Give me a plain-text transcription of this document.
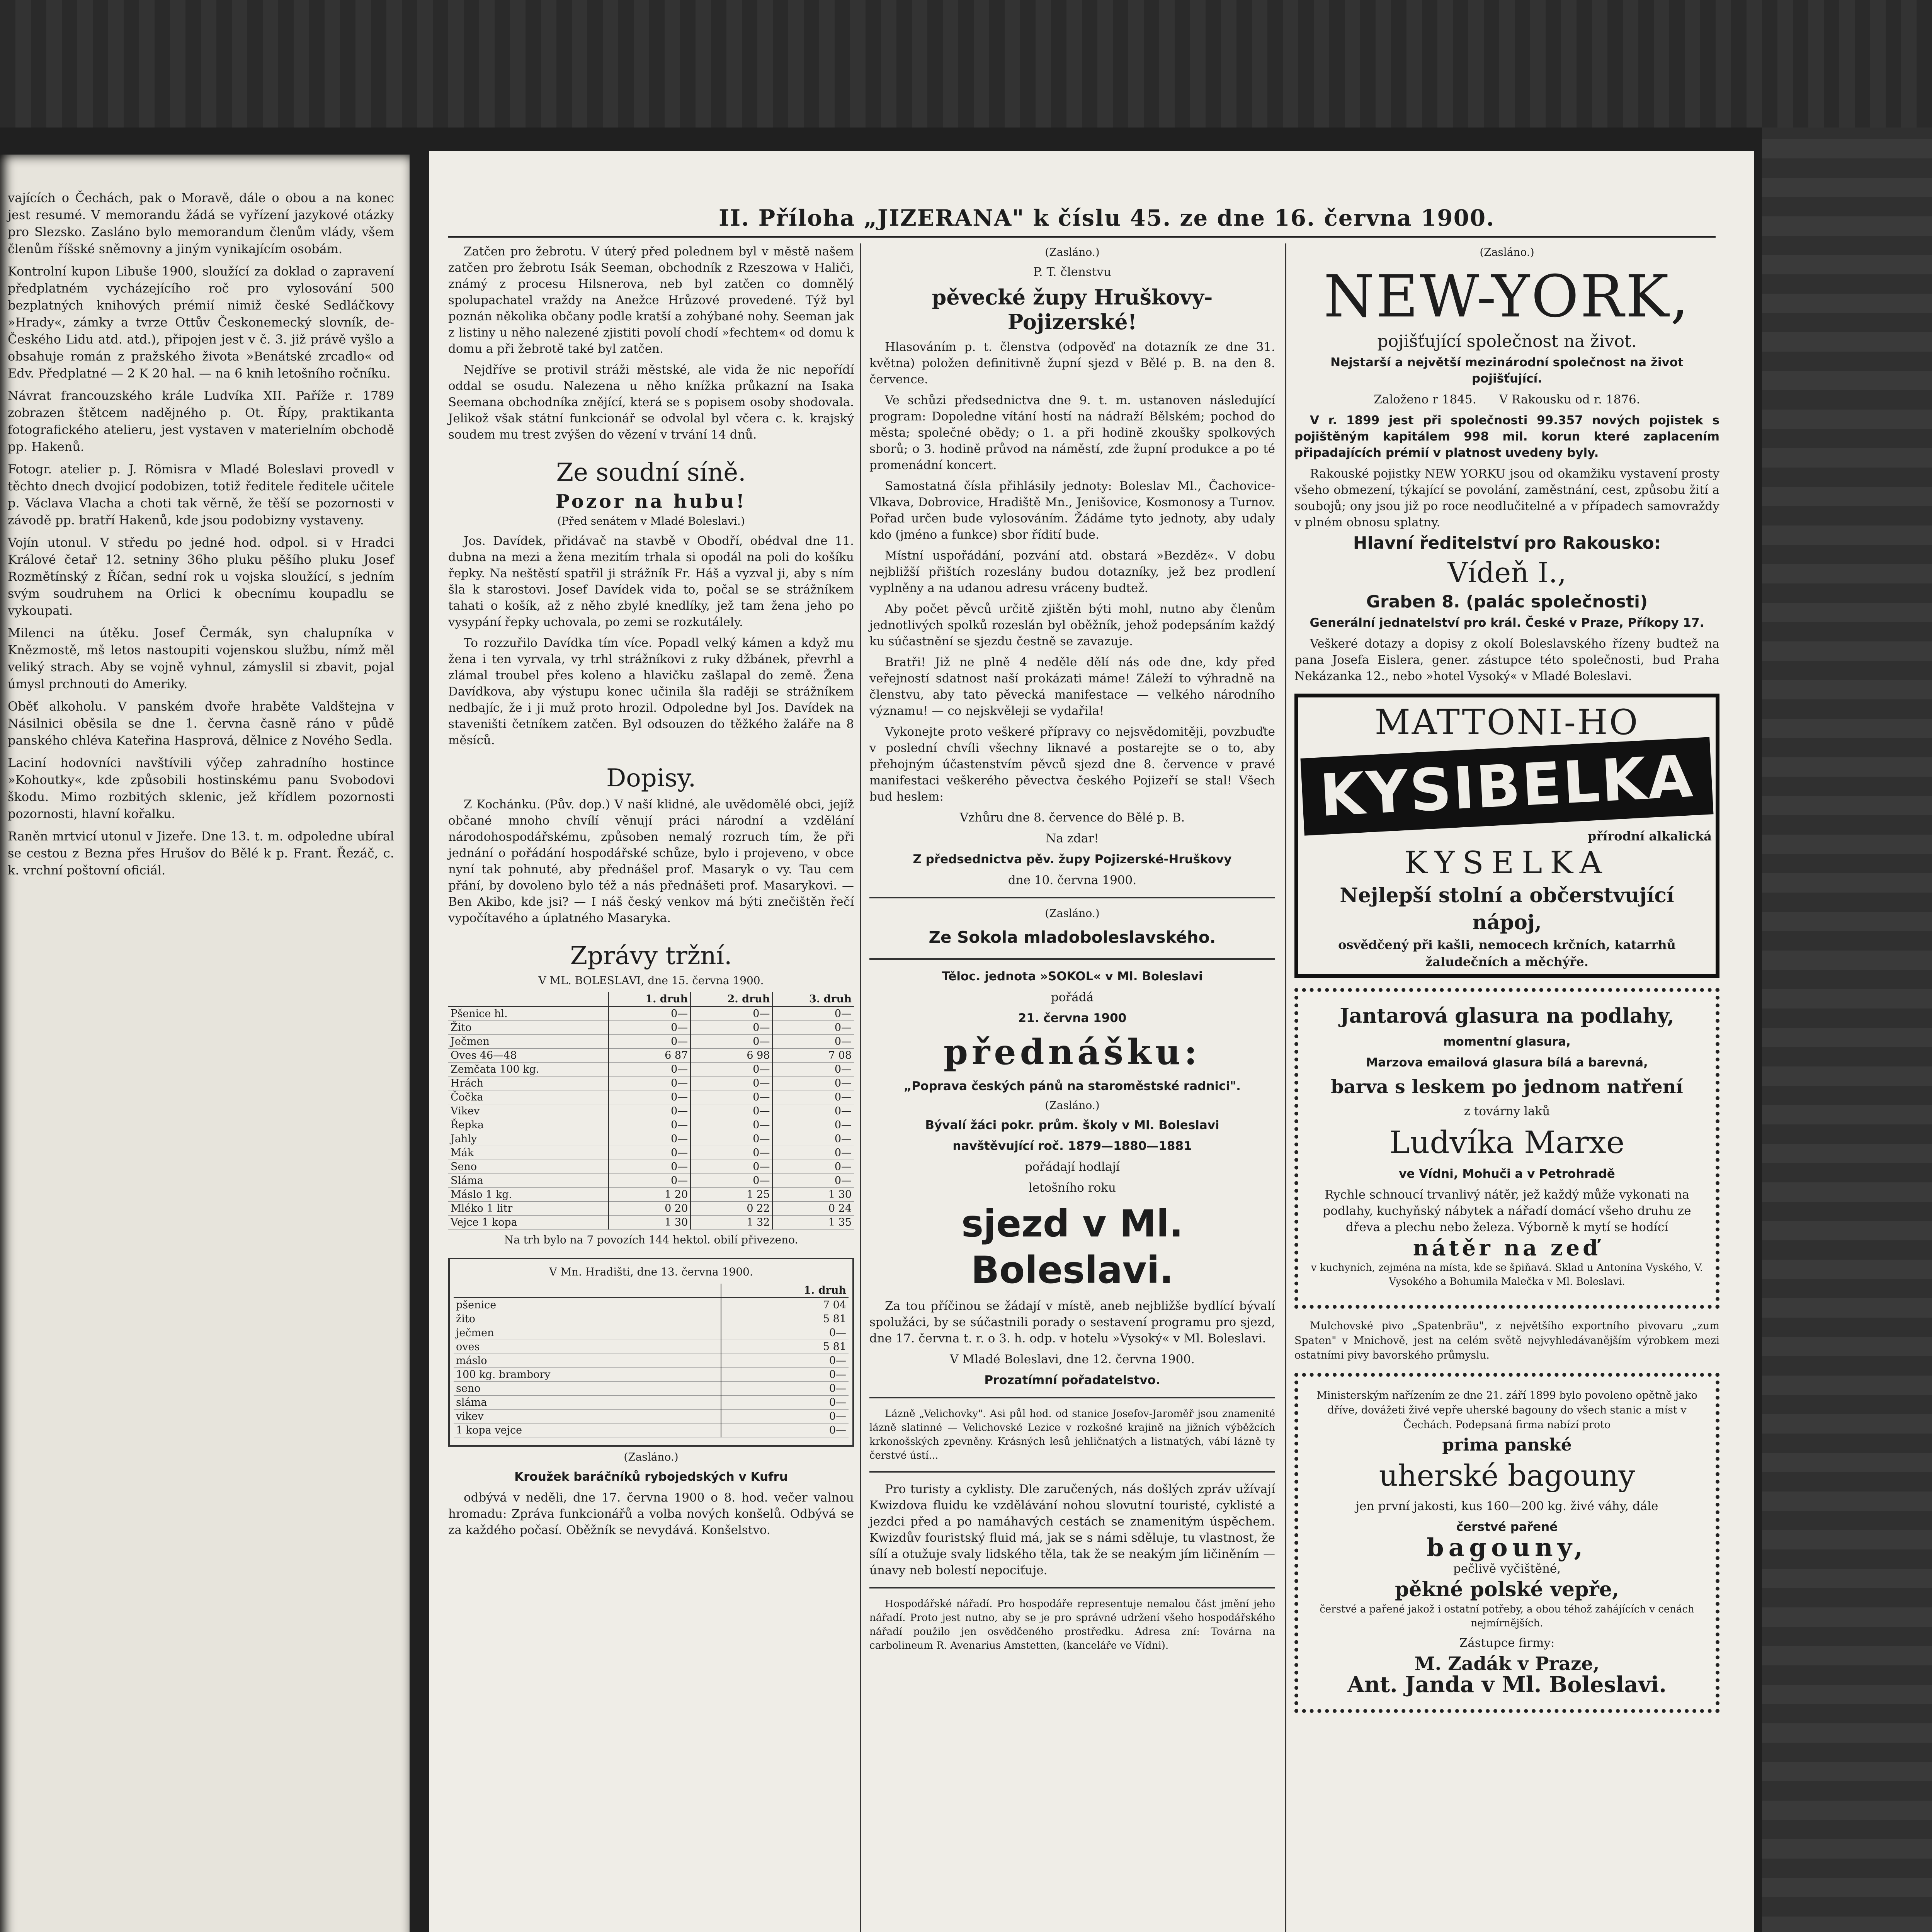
vajících o Čechách, pak o Moravě, dále o obou a na konec jest resumé. V memorandu žádá se vyřízení jazykové otázky pro Slezsko. Zasláno bylo memorandum členům vlády, všem členům říšské sněmovny a jiným vynikajícím osobám.

Kontrolní kupon Libuše 1900, sloužící za doklad o zapravení předplatném vycházejícího roč pro vylosování 500 bezplatných knihových prémií nimiž české Sedláčkovy »Hrady«, zámky a tvrze Ottův Českonemecký slovník, de-Českého Lidu atd. atd.), připojen jest v č. 3. již právě vyšlo a obsahuje román z pražského života »Benátské zrcadlo« od Edv. Předplatné — 2 K 20 hal. — na 6 knih letošního ročníku.

Návrat francouzského krále Ludvíka XII. Paříže r. 1789 zobrazen štětcem nadějného p. Ot. Řípy, praktikanta fotografického atelieru, jest vystaven v materielním obchodě pp. Hakenů.

Fotogr. atelier p. J. Römisra v Mladé Boleslavi provedl v těchto dnech dvojicí podobizen, totiž ředitele ředitele učitele p. Václava Vlacha a choti tak věrně, že těší se pozornosti v závodě pp. bratří Hakenů, kde jsou podobizny vystaveny.

Vojín utonul. V středu po jedné hod. odpol. si v Hradci Králové četař 12. setniny 36ho pluku pěšího pluku Josef Rozmětínský z Říčan, sední rok u vojska sloužící, s jedním svým soudruhem na Orlici k obecnímu koupadlu se vykoupati.

Milenci na útěku. Josef Čermák, syn chalupníka v Knězmostě, mš letos nastoupiti vojenskou službu, nímž měl veliký strach. Aby se vojně vyhnul, zámyslil si zbavit, pojal úmysl prchnouti do Ameriky.

Oběť alkoholu. V panském dvoře hraběte Valdštejna v Násilnici oběsila se dne 1. června časně ráno v půdě panského chléva Kateřina Hasprová, dělnice z Nového Sedla.

Laciní hodovníci navštívili výčep zahradního hostince »Kohoutky«, kde způsobili hostinskému panu Svobodovi škodu. Mimo rozbitých sklenic, jež křídlem pozornosti pozornosti, hlavní kořalku.

Raněn mrtvicí utonul v Jizeře. Dne 13. t. m. odpoledne ubíral se cestou z Bezna přes Hrušov do Bělé k p. Frant. Řezáč, c. k. vrchní poštovní oficiál.

II. Příloha „JIZERANA" k číslu 45. ze dne 16. června 1900.

Zatčen pro žebrotu. V úterý před polednem byl v městě našem zatčen pro žebrotu Isák Seeman, obchodník z Rzeszowa v Haliči, známý z procesu Hilsnerova, neb byl zatčen co domnělý spolupachatel vraždy na Anežce Hrůzové provedené. Týž byl poznán několika občany podle kratší a zohýbané nohy. Seeman jak z listiny u něho nalezené zjistiti povolí chodí »fechtem« od domu k domu a při žebrotě také byl zatčen.

Nejdříve se protivil stráži městské, ale vida že nic nepořídí oddal se osudu. Nalezena u něho knížka průkazní na Isaka Seemana obchodníka znějící, která se s popisem osoby shodovala. Jelikož však státní funkcionář se odvolal byl včera c. k. krajský soudem mu trest zvýšen do vězení v trvání 14 dnů.

Ze soudní síně.
Pozor na hubu!
(Před senátem v Mladé Boleslavi.)

Jos. Davídek, přidávač na stavbě v Obodří, obédval dne 11. dubna na mezi a žena mezitím trhala si opodál na poli do košíku řepky. Na neštěstí spatřil ji strážník Fr. Háš a vyzval ji, aby s ním šla k starostovi. Josef Davídek vida to, počal se se strážníkem tahati o košík, až z něho zbylé knedlíky, jež tam žena jeho po vysypání řepky uchovala, po zemi se rozkutálely.

To rozzuřilo Davídka tím více. Popadl velký kámen a když mu žena i ten vyrvala, vy trhl strážníkovi z ruky džbánek, převrhl a zlámal troubel přes koleno a hlavičku zašlapal do země. Žena Davídkova, aby výstupu konec učinila šla raději se strážníkem nedbajíc, že i ji muž proto hrozil. Odpoledne byl Jos. Davídek na staveništi četníkem zatčen. Byl odsouzen do těžkého žaláře na 8 měsíců.

Dopisy.

Z Kochánku. (Pův. dop.) V naší klidné, ale uvědomělé obci, jejíž občané mnoho chvílí věnují práci národní a vzdělání národohospodářskému, způsoben nemalý rozruch tím, že při jednání o pořádání hospodářské schůze, bylo i projeveno, v obce nyní tak pohnuté, aby přednášel prof. Masaryk o vy. Tau cem přání, by dovoleno bylo též a nás přednášeti prof. Masarykovi. — Ben Akibo, kde jsi? — I náš český venkov má býti znečištěn řečí vypočítavého a úplatného Masaryka.

Zprávy tržní.
V ML. BOLESLAVI, dne 15. června 1900.
	1. druh	2. druh	3. druh
Pšenice hl.	0—	0—	0—
Žito	0—	0—	0—
Ječmen	0—	0—	0—
Oves 46—48	6 87	6 98	7 08
Zemčata 100 kg.	0—	0—	0—
Hrách	0—	0—	0—
Čočka	0—	0—	0—
Vikev	0—	0—	0—
Řepka	0—	0—	0—
Jahly	0—	0—	0—
Mák	0—	0—	0—
Seno	0—	0—	0—
Sláma	0—	0—	0—
Máslo 1 kg.	1 20	1 25	1 30
Mléko 1 litr	0 20	0 22	0 24
Vejce 1 kopa	1 30	1 32	1 35
Na trh bylo na 7 povozích 144 hektol. obilí přivezeno.
V Mn. Hradišti, dne 13. června 1900.
	1. druh
pšenice	7 04
žito	5 81
ječmen	0—
oves	5 81
máslo	0—
100 kg. brambory	0—
seno	0—
sláma	0—
vikev	0—
1 kopa vejce	0—
(Zasláno.)

Kroužek baráčníků rybojedských v Kufru

odbývá v neděli, dne 17. června 1900 o 8. hod. večer valnou hromadu: Zpráva funkcionářů a volba nových konšelů. Odbývá se za každého počasí. Oběžník se nevydává. Konšelstvo.

(Zasláno.)

P. T. členstvu

pěvecké župy Hruškovy-Pojizerské!

Hlasováním p. t. členstva (odpověď na dotazník ze dne 31. května) položen definitivně župní sjezd v Bělé p. B. na den 8. července.

Ve schůzi předsednictva dne 9. t. m. ustanoven následující program: Dopoledne vítání hostí na nádraží Bělském; pochod do města; společné obědy; o 1. a při hodině zkoušky spolkových sborů; o 3. hodině průvod na náměstí, zde župní produkce a po té promenádní koncert.

Samostatná čísla přihlásily jednoty: Boleslav Ml., Čachovice-Vlkava, Dobrovice, Hradiště Mn., Jenišovice, Kosmonosy a Turnov. Pořad určen bude vylosováním. Žádáme tyto jednoty, aby udaly kdo (jméno a funkce) sbor řídití bude.

Místní uspořádání, pozvání atd. obstará »Bezděz«. V dobu nejbližší přištích rozeslány budou dotazníky, jež bez prodlení vyplněny a na udanou adresu vráceny budtež.

Aby počet pěvců určitě zjištěn býti mohl, nutno aby členům jednotlivých spolků rozeslán byl oběžník, jehož podepsáním každý ku súčastnění se sjezdu čestně se zavazuje.

Bratři! Již ne plně 4 neděle dělí nás ode dne, kdy před veřejností sdatnost naší prokázati máme! Záleží to výhradně na členstvu, aby tato pěvecká manifestace — velkého národního významu! — co nejskvěleji se vydařila!

Vykonejte proto veškeré přípravy co nejsvědomitěji, povzbuďte v poslední chvíli všechny liknavé a postarejte se o to, aby přehojným účastenstvím pěvců sjezd dne 8. července v pravé manifestaci veškerého pěvectva českého Pojizeří se stal! Všech bud heslem:

Vzhůru dne 8. července do Bělé p. B.

Na zdar!

Z předsednictva pěv. župy Pojizerské-Hruškovy

dne 10. června 1900.

(Zasláno.)

Ze Sokola mladoboleslavského.

Těloc. jednota »SOKOL« v Ml. Boleslavi

pořádá

21. června 1900

přednášku:

„Poprava českých pánů na staroměstské radnici".

(Zasláno.)

Bývalí žáci pokr. prům. školy v Ml. Boleslavi

navštěvující roč. 1879—1880—1881

pořádají hodlají

letošního roku

sjezd v Ml. Boleslavi.

Za tou příčinou se žádají v místě, aneb nejbližše bydlící bývalí spolužáci, by se súčastnili porady o sestavení programu pro sjezd, dne 17. června t. r. o 3. h. odp. v hotelu »Vysoký« v Ml. Boleslavi.

V Mladé Boleslavi, dne 12. června 1900.

Prozatímní pořadatelstvo.

Lázně „Velichovky". Asi půl hod. od stanice Josefov-Jaroměř jsou znamenité lázně slatinné — Velichovské Lezice v rozkošné krajině na jižních výběžcích krkonošských zpevněny. Krásných lesů jehličnatých a listnatých, vábí lázně ty čerstvé ústí...

Pro turisty a cyklisty. Dle zaručených, nás došlých zpráv užívají Kwizdova fluidu ke vzdělávání nohou slovutní touristé, cyklisté a jezdci před a po namáhavých cestách se znamenitým úspěchem. Kwizdův fouristský fluid má, jak se s námi sděluje, tu vlastnost, že sílí a otužuje svaly lidského těla, tak že se neakým jím ličiněním — únavy neb bolestí nepociťuje.

Hospodářské nářadí. Pro hospodáře representuje nemalou část jmění jeho nářadí. Proto jest nutno, aby se je pro správné udržení všeho hospodářského nářadí použilo jen osvědčeného prostředku. Adresa zní: Továrna na carbolineum R. Avenarius Amstetten, (kanceláře ve Vídni).

(Zasláno.)
NEW-YORK,

pojišťující společnost na život.

Nejstarší a největší mezinárodní společnost na život pojišťující.

Založeno r 1845. V Rakousku od r. 1876.

V r. 1899 jest při společnosti 99.357 nových pojistek s pojištěným kapitálem 998 mil. korun které zaplacením připadajících prémií v platnost uvedeny byly.

Rakouské pojistky NEW YORKU jsou od okamžiku vystavení prosty všeho obmezení, týkající se povolání, zaměstnání, cest, způsobu žití a soubojů; ony jsou již po roce neodlučitelné a v případech samovraždy v plném obnosu splatny.

Hlavní ředitelství pro Rakousko:

Vídeň I.,

Graben 8. (palác společnosti)

Generální jednatelství pro král. České v Praze, Příkopy 17.

Veškeré dotazy a dopisy z okolí Boleslavského řízeny budtež na pana Josefa Eislera, gener. zástupce této společnosti, bud Praha Nekázanka 12., nebo »hotel Vysoký« v Mladé Boleslavi.

MATTONI-HO
KYSIBELKA
přírodní alkalická
KYSELKA
Nejlepší stolní a občerstvující nápoj,
osvědčený při kašli, nemocech krčních, katarrhů žaludečních a měchýře.

Jantarová glasura na podlahy,

momentní glasura,

Marzova emailová glasura bílá a barevná,

barva s leskem po jednom natření

z továrny laků

Ludvíka Marxe

ve Vídni, Mohuči a v Petrohradě

Rychle schnoucí trvanlivý nátěr, jež každý může vykonati na podlahy, kuchyňský nábytek a nářadí domácí všeho druhu ze dřeva a plechu nebo železa. Výborně k mytí se hodící

nátěr na zeď

v kuchyních, zejména na místa, kde se špiňavá. Sklad u Antonína Vyského, V. Vysokého a Bohumila Malečka v Ml. Boleslavi.

Mulchovské pivo „Spatenbräu", z největšího exportního pivovaru „zum Spaten" v Mnichově, jest na celém světě nejvyhledávanějším výrobkem mezi ostatními pivy bavorského průmyslu.

Ministerským nařízením ze dne 21. září 1899 bylo povoleno opětně jako dříve, dovážeti živé vepře uherské bagouny do všech stanic a míst v Čechách. Podepsaná firma nabízí proto

prima panské

uherské bagouny

jen první jakosti, kus 160—200 kg. živé váhy, dále

čerstvé pařené

bagouny,

pečlivě vyčištěné,

pěkné polské vepře,

čerstvé a pařené jakož i ostatní potřeby, a obou téhož zahájících v cenách nejmírnějších.

Zástupce firmy:

M. Zadák v Praze,

Ant. Janda v Ml. Boleslavi.
